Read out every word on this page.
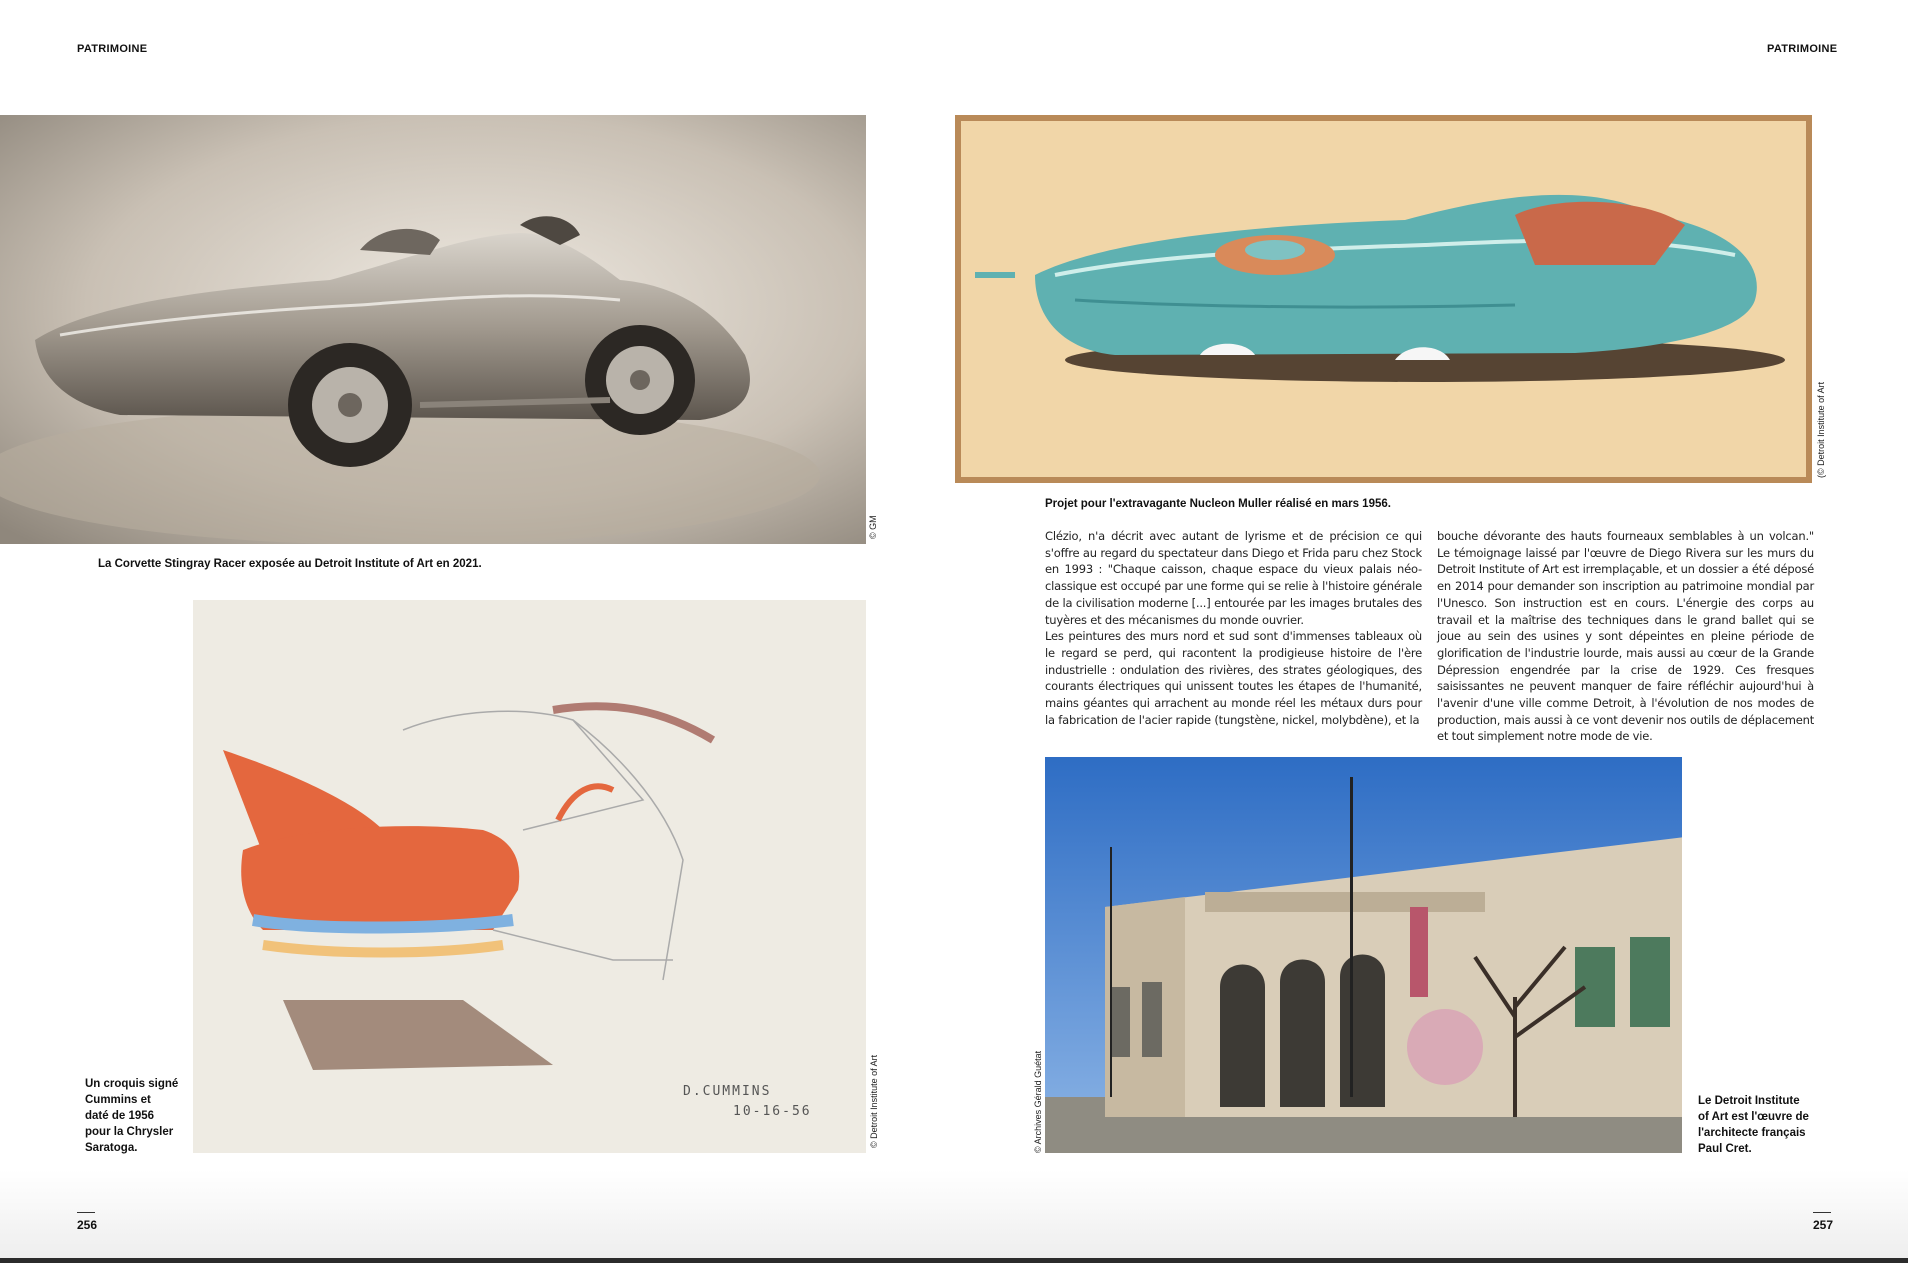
PATRIMOINE	PATRIMOINE
© GM
La Corvette Stingray Racer exposée au Detroit Institute of Art en 2021.
(© Detroit Institute of Art
Projet pour l'extravagante Nucleon Muller réalisé en mars 1956.

Clézio, n'a décrit avec autant de lyrisme et de précision ce qui s'offre au regard du spectateur dans Diego et Frida paru chez Stock en 1993 : "Chaque caisson, chaque espace du vieux palais néo-classique est occupé par une forme qui se relie à l'histoire générale de la civilisation moderne [...] entourée par les images brutales des tuyères et des mécanismes du monde ouvrier.

Les peintures des murs nord et sud sont d'immenses tableaux où le regard se perd, qui racontent la prodigieuse histoire de l'ère industrielle : ondulation des rivières, des strates géologiques, des courants électriques qui unissent toutes les étapes de l'humanité, mains géantes qui arrachent au monde réel les métaux durs pour la fabrication de l'acier rapide (tungstène, nickel, molybdène), et la

bouche dévorante des hauts fourneaux semblables à un volcan." Le témoignage laissé par l'œuvre de Diego Rivera sur les murs du Detroit Institute of Art est irremplaçable, et un dossier a été déposé en 2014 pour demander son inscription au patrimoine mondial par l'Unesco. Son instruction est en cours. L'énergie des corps au travail et la maîtrise des techniques dans le grand ballet qui se joue au sein des usines y sont dépeintes en pleine période de glorification de l'industrie lourde, mais aussi au cœur de la Grande Dépression engendrée par la crise de 1929. Ces fresques saisissantes ne peuvent manquer de faire réfléchir aujourd'hui à l'avenir d'une ville comme Detroit, à l'évolution de nos modes de production, mais aussi à ce vont devenir nos outils de déplacement et tout simplement notre mode de vie.

D.CUMMINS
10-16-56	© Detroit Institute of Art
Un croquis signé
Cummins et
daté de 1956
pour la Chrysler
Saratoga.	© Archives Gérald Guétat	Le Detroit Institute
of Art est l'œuvre de
l'architecte français
Paul Cret.
256	257
